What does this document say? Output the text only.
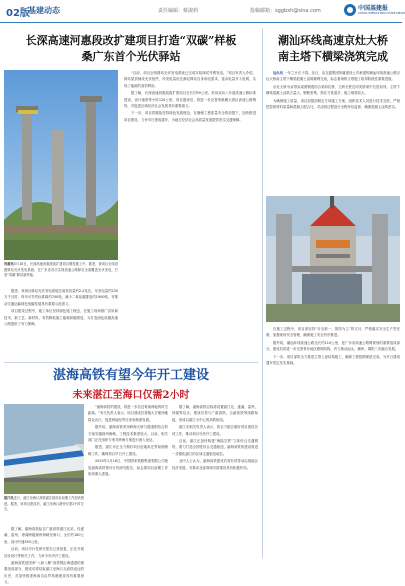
02版
基建动态	责任编辑：蔡淑莉	投稿邮箱：sggbxh@sina.com	中国基建报
CHINA INFRASTRUCTURE NEWS
长深高速河惠段改扩建项目打造“双碳”样板
桑广东首个光伏驿站
河源讯5月18日，长深高速河惠段改扩建项目墩柱施工中。据悉，该项目全线设置驿站光伏发电系统，在广东省首次实现高速公路驿站全面覆盖光伏发电，打造“零碳”驿站新样板。

据悉，该项目驿站光伏发电系统总装机容量约2.2兆瓦，年发电量约230万千瓦时，每年可节约标准煤约700吨，减少二氧化碳排放约1900吨，对推动交通运输绿色低碳发展具有重要示范意义。

项目建设过程中，施工单位坚持绿色施工理念，在施工现场推广应用新技术、新工艺、新材料，有效降低施工能耗和碳排放，为打造绿色低碳高速公路提供了有力保障。

“目前，项目全线驿站光伏发电系统已完成安装调试并网发电。”项目负责人介绍，驿站屋顶铺设光伏组件，所发电量优先满足驿站自身用电需求，富余电量并入电网，实现了能源的高效利用。

据了解，长深高速河惠段改扩建项目全长约59公里，采用双向八车道高速公路标准建设，设计速度每小时120公里。项目建成后，将进一步完善粤港澳大湾区高速公路网络，对促进区域经济社会发展具有重要意义。

下一步，项目将继续坚持绿色发展理念，在确保工程质量安全的前提下，加快推进项目建设，力争早日建成通车，为地方经济社会高质量发展提供坚实交通保障。

潮汕环线高速京灶大桥
南主塔下横梁浇筑完成

汕头讯 一年之计在于春。近日，由交通集团所属建设公司承建的潮汕环线高速公路京灶大桥南主塔下横梁混凝土浇筑顺利完成，标志着该桥主塔施工取得阶段性重要进展。

京灶大桥为双塔双索面钢混结合梁斜拉桥，主跨长度在同类桥梁中位居前列。主塔下横梁混凝土浇筑方量大、钢筋密集、预应力管道多，施工难度较大。

为确保施工质量，项目部提前制定专项施工方案，组织技术人员进行技术交底，严格把控原材料质量和混凝土配合比，对浇筑过程进行全程旁站监督，确保混凝土浇筑密实。

在施工过程中，项目部坚持“安全第一、预防为主”的方针，严格落实安全生产责任制，加强现场安全管理，确保施工安全有序推进。

据介绍，潮汕环线高速公路全长约110公里，是广东省高速公路网规划的重要组成部分，建成后将进一步完善粤东地区路网结构，有力推动汕头、潮州、揭阳三市融合发展。

下一步，项目部将全力推进主塔上部结构施工，确保工程按期保质完成，为早日建成通车奠定坚实基础。

湛海高铁有望今年开工建设
未来湛江至海口仅需2小时
湛江讯近日，湛江至海口高铁湛江段项目前期工作加快推进。据悉，该项目建成后，湛江至海口最快仅需2小时左右。

“湛海高铁的建设，将进一步拉近粤琼两地的时空距离。”有关负责人表示，项目建成后将极大方便两地群众出行，促进两地经贸往来和旅游发展。

据介绍，湛海高铁采用跨海大桥与隧道相结合的方案穿越琼州海峡，工程技术难度较大。目前，相关部门正在组织专家对跨海方案进行深入论证。

据悉，湛江市正全力做好项目征地拆迁等前期保障工作，确保项目早日开工建设。

2023年1月18日，中国国家铁路集团有限公司批复湛海高铁预可行性研究报告，标志着项目前期工作取得重大进展。

据了解，湛海高铁沿线将设置湛江北、遂溪、雷州、徐闻等站点，建成后将与广湛高铁、合湛高铁等线路衔接，形成以湛江为中心的高铁枢纽。

湛江市相关负责人表示，将全力配合做好项目建设各项工作，推动项目尽快开工建设。

目前，湛江正加快构建“海陆空铁”立体综合交通网络，着力打造全国性综合交通枢纽，湛海高铁的建设将进一步强化湛江的区域交通枢纽地位。

业内人士认为，湛海高铁建成后将有效带动沿线地区经济发展，对推动北部湾城市群建设具有积极作用。

据了解，湛海高铁起自广湛高铁湛江北站，经遂溪、雷州、徐闻跨越琼州海峡至海口，全长约180公里，设计时速350公里。

目前，项目可行性研究报告已获批复，正在开展初步设计等相关工作，力争今年内开工建设。

湛海高铁是国家“八纵八横”高铁网沿海通道的重要组成部分，建成后将结束湛江至海口无高铁直达的历史，对加快推进海南自由贸易港建设具有重要意义。
